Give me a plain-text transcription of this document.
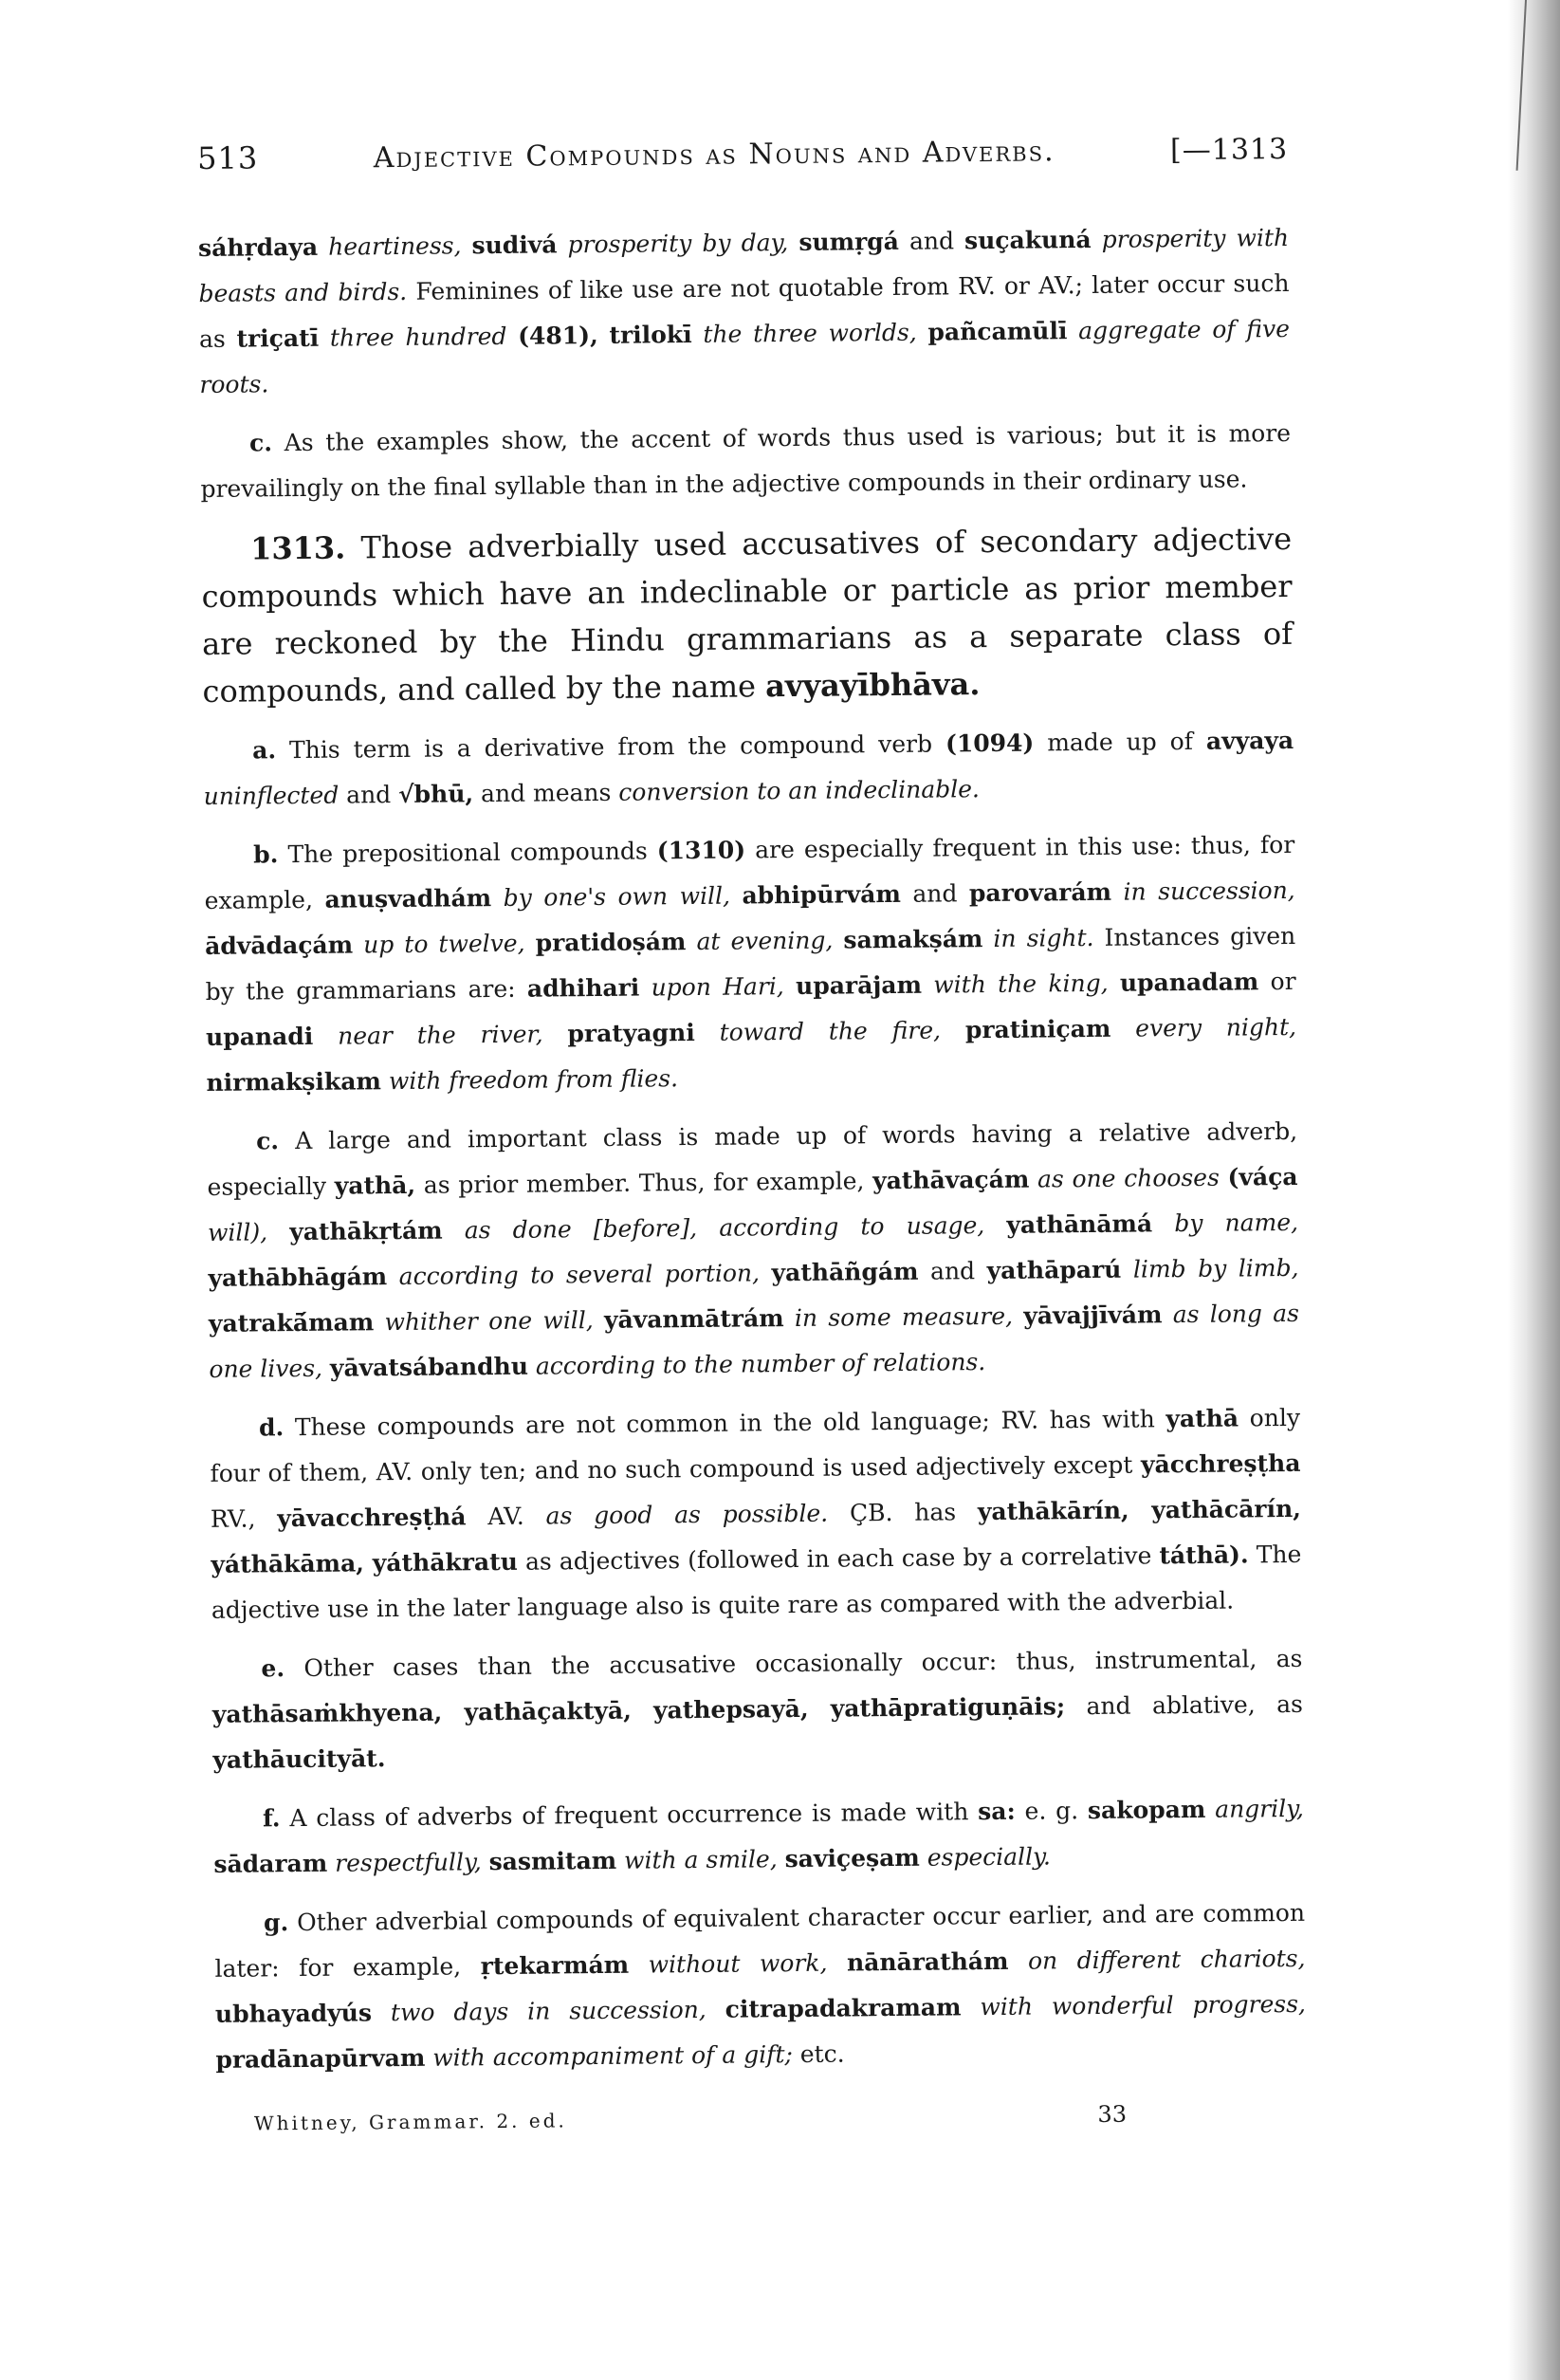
513	Adjective Compounds as Nouns and Adverbs.	[—1313

sáhṛdaya heartiness, sudivá prosperity by day, sumṛgá and suçakuná prosperity with beasts and birds. Feminines of like use are not quotable from RV. or AV.; later occur such as triçatī three hundred (481), trilokī the three worlds, pañcamūlī aggregate of five roots.

c. As the examples show, the accent of words thus used is various; but it is more prevailingly on the final syllable than in the adjective compounds in their ordinary use.

1313. Those adverbially used accusatives of secondary adjective compounds which have an indeclinable or particle as prior member are reckoned by the Hindu grammarians as a separate class of compounds, and called by the name avyayībhāva.

a. This term is a derivative from the compound verb (1094) made up of avyaya uninflected and √bhū, and means conversion to an indeclinable.

b. The prepositional compounds (1310) are especially frequent in this use: thus, for example, anuṣvadhám by one's own will, abhipūrvám and parovarám in succession, ādvādaçám up to twelve, pratidoṣám at evening, samakṣám in sight. Instances given by the grammarians are: adhihari upon Hari, uparājam with the king, upanadam or upanadi near the river, pratyagni toward the fire, pratiniçam every night, nirmakṣikam with freedom from flies.

c. A large and important class is made up of words having a relative adverb, especially yathā, as prior member. Thus, for example, yathāvaçám as one chooses (váça will), yathākṛtám as done [before], according to usage, yathānāmá by name, yathābhāgám according to several portion, yathāñgám and yathāparú limb by limb, yatrakā́mam whither one will, yāvanmātrám in some measure, yāvajjīvám as long as one lives, yāvatsábandhu according to the number of relations.

d. These compounds are not common in the old language; RV. has with yathā only four of them, AV. only ten; and no such compound is used adjectively except yācchreṣṭha RV., yāvacchreṣṭhá AV. as good as possible. ÇB. has yathākārín, yathācārín, yáthākāma, yáthākratu as adjectives (followed in each case by a correlative táthā). The adjective use in the later language also is quite rare as compared with the adverbial.

e. Other cases than the accusative occasionally occur: thus, instrumental, as yathāsaṁkhyena, yathāçaktyā, yathepsayā, yathāpratiguṇāis; and ablative, as yathāucityāt.

f. A class of adverbs of frequent occurrence is made with sa: e. g. sakopam angrily, sādaram respectfully, sasmitam with a smile, saviçeṣam especially.

g. Other adverbial compounds of equivalent character occur earlier, and are common later: for example, ṛtekarmám without work, nānārathám on different chariots, ubhayadyús two days in succession, citrapadakramam with wonderful progress, pradānapūrvam with accompaniment of a gift; etc.

Whitney, Grammar. 2. ed.	33
